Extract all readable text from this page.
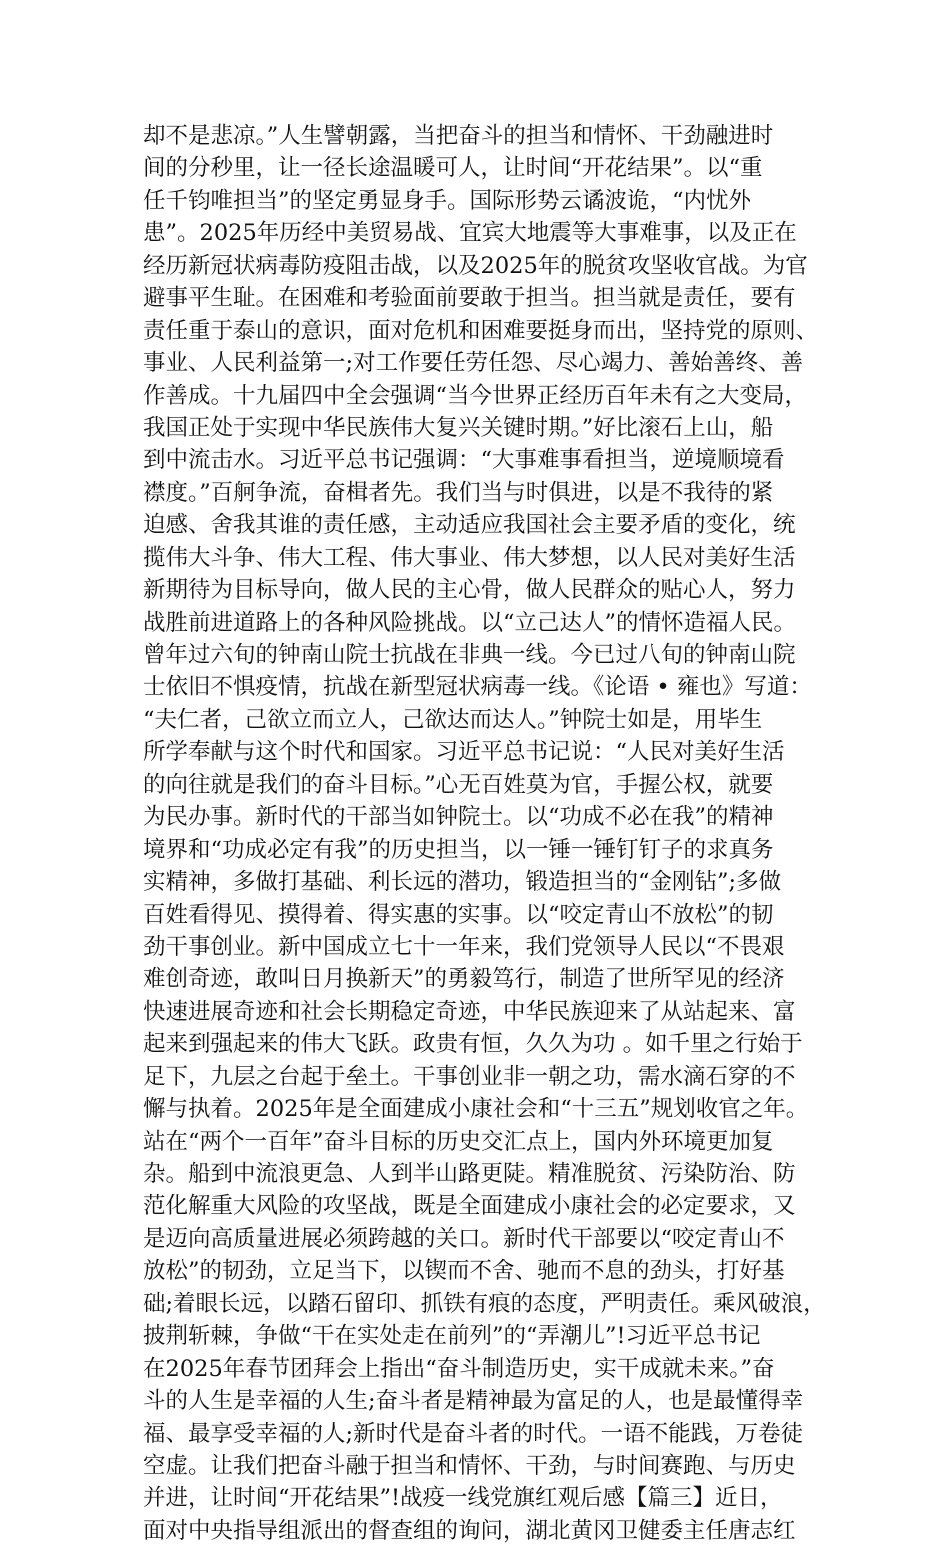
却不是悲凉。”人生譬朝露，当把奋斗的担当和情怀、干劲融进时
间的分秒里，让一径长途温暖可人，让时间“开花结果”。以“重
任千钧唯担当”的坚定勇显身手。国际形势云谲波诡，“内忧外
患”。2025年历经中美贸易战、宜宾大地震等大事难事，以及正在
经历新冠状病毒防疫阻击战，以及2025年的脱贫攻坚收官战。为官
避事平生耻。在困难和考验面前要敢于担当。担当就是责任，要有
责任重于泰山的意识，面对危机和困难要挺身而出，坚持党的原则、
事业、人民利益第一;对工作要任劳任怨、尽心竭力、善始善终、善
作善成。十九届四中全会强调“当今世界正经历百年未有之大变局，
我国正处于实现中华民族伟大复兴关键时期。”好比滚石上山，船
到中流击水。习近平总书记强调：“大事难事看担当，逆境顺境看
襟度。”百舸争流，奋楫者先。我们当与时俱进，以是不我待的紧
迫感、舍我其谁的责任感，主动适应我国社会主要矛盾的变化，统
揽伟大斗争、伟大工程、伟大事业、伟大梦想，以人民对美好生活
新期待为目标导向，做人民的主心骨，做人民群众的贴心人，努力
战胜前进道路上的各种风险挑战。以“立己达人”的情怀造福人民。
曾年过六旬的钟南山院士抗战在非典一线。今已过八旬的钟南山院
士依旧不惧疫情，抗战在新型冠状病毒一线。《论语 • 雍也》写道：
“夫仁者，己欲立而立人，己欲达而达人。”钟院士如是，用毕生
所学奉献与这个时代和国家。习近平总书记说：“人民对美好生活
的向往就是我们的奋斗目标。”心无百姓莫为官，手握公权，就要
为民办事。新时代的干部当如钟院士。以“功成不必在我”的精神
境界和“功成必定有我”的历史担当，以一锤一锤钉钉子的求真务
实精神，多做打基础、利长远的潜功，锻造担当的“金刚钻”;多做
百姓看得见、摸得着、得实惠的实事。以“咬定青山不放松”的韧
劲干事创业。新中国成立七十一年来，我们党领导人民以“不畏艰
难创奇迹，敢叫日月换新天”的勇毅笃行，制造了世所罕见的经济
快速进展奇迹和社会长期稳定奇迹，中华民族迎来了从站起来、富
起来到强起来的伟大飞跃。政贵有恒，久久为功 。如千里之行始于
足下，九层之台起于垒土。干事创业非一朝之功，需水滴石穿的不
懈与执着。2025年是全面建成小康社会和“十三五”规划收官之年。
站在“两个一百年”奋斗目标的历史交汇点上，国内外环境更加复
杂。船到中流浪更急、人到半山路更陡。精准脱贫、污染防治、防
范化解重大风险的攻坚战，既是全面建成小康社会的必定要求，又
是迈向高质量进展必须跨越的关口。新时代干部要以“咬定青山不
放松”的韧劲，立足当下，以锲而不舍、驰而不息的劲头，打好基
础;着眼长远，以踏石留印、抓铁有痕的态度，严明责任。乘风破浪，
披荆斩棘，争做“干在实处走在前列”的“弄潮儿”!习近平总书记
在2025年春节团拜会上指出“奋斗制造历史，实干成就未来。”奋
斗的人生是幸福的人生;奋斗者是精神最为富足的人，也是最懂得幸
福、最享受幸福的人;新时代是奋斗者的时代。一语不能践，万卷徒
空虚。让我们把奋斗融于担当和情怀、干劲，与时间赛跑、与历史
并进，让时间“开花结果”!战疫一线党旗红观后感【篇三】近日，
面对中央指导组派出的督查组的询问，湖北黄冈卫健委主任唐志红
